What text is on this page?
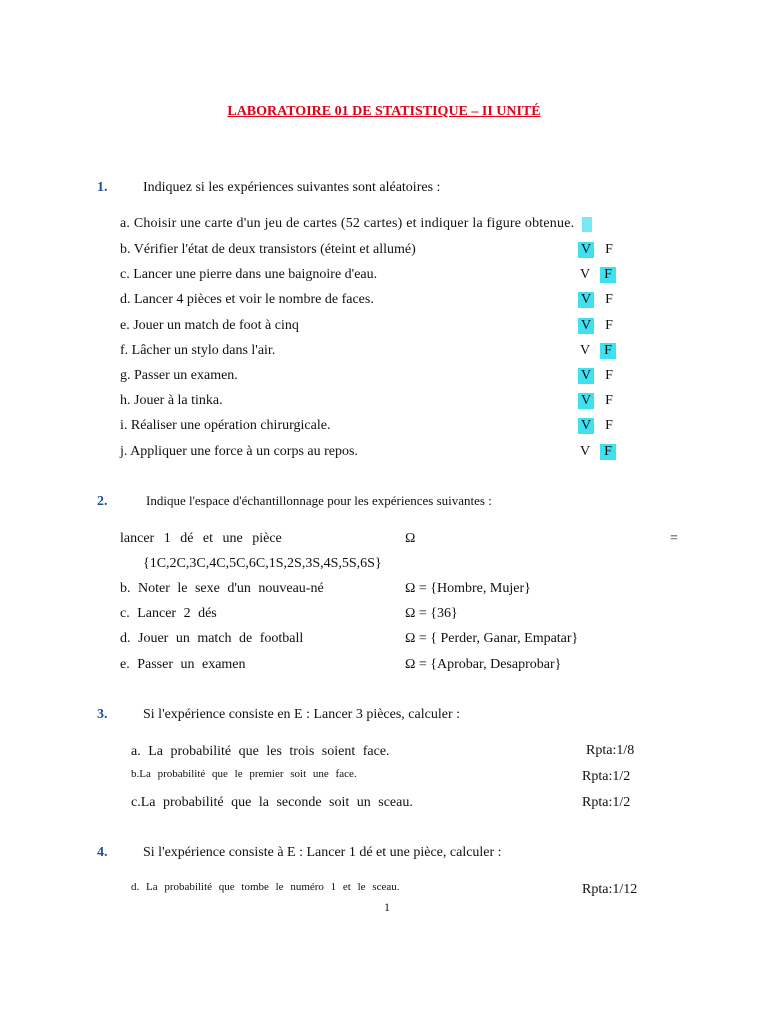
LABORATOIRE 01 DE STATISTIQUE – II UNITÉ
1.	Indiquez si les expériences suivantes sont aléatoires :
a. Choisir une carte d'un jeu de cartes (52 cartes) et indiquer la figure obtenue.
b. Vérifier l'état de deux transistors (éteint et allumé)	V F
c. Lancer une pierre dans une baignoire d'eau.	V F
d. Lancer 4 pièces et voir le nombre de faces.	V F
e. Jouer un match de foot à cinq	V F
f. Lâcher un stylo dans l'air.	V F
g. Passer un examen.	V F
h. Jouer à la tinka.	V F
i. Réaliser une opération chirurgicale.	V F
j. Appliquer une force à un corps au repos.	V F
2.	Indique l'espace d'échantillonnage pour les expériences suivantes :
lancer 1 dé et une pièce	Ω	=
{1C,2C,3C,4C,5C,6C,1S,2S,3S,4S,5S,6S}
b. Noter le sexe d'un nouveau-né	Ω = {Hombre, Mujer}
c. Lancer 2 dés	Ω = {36}
d. Jouer un match de football	Ω = { Perder, Ganar, Empatar}
e. Passer un examen	Ω = {Aprobar, Desaprobar}
3.	Si l'expérience consiste en E : Lancer 3 pièces, calculer :
a. La probabilité que les trois soient face.	Rpta:1/8
b.La probabilité que le premier soit une face.	Rpta:1/2
c.La probabilité que la seconde soit un sceau.	Rpta:1/2
4.	Si l'expérience consiste à E : Lancer 1 dé et une pièce, calculer :
d. La probabilité que tombe le numéro 1 et le sceau.	Rpta:1/12
1
